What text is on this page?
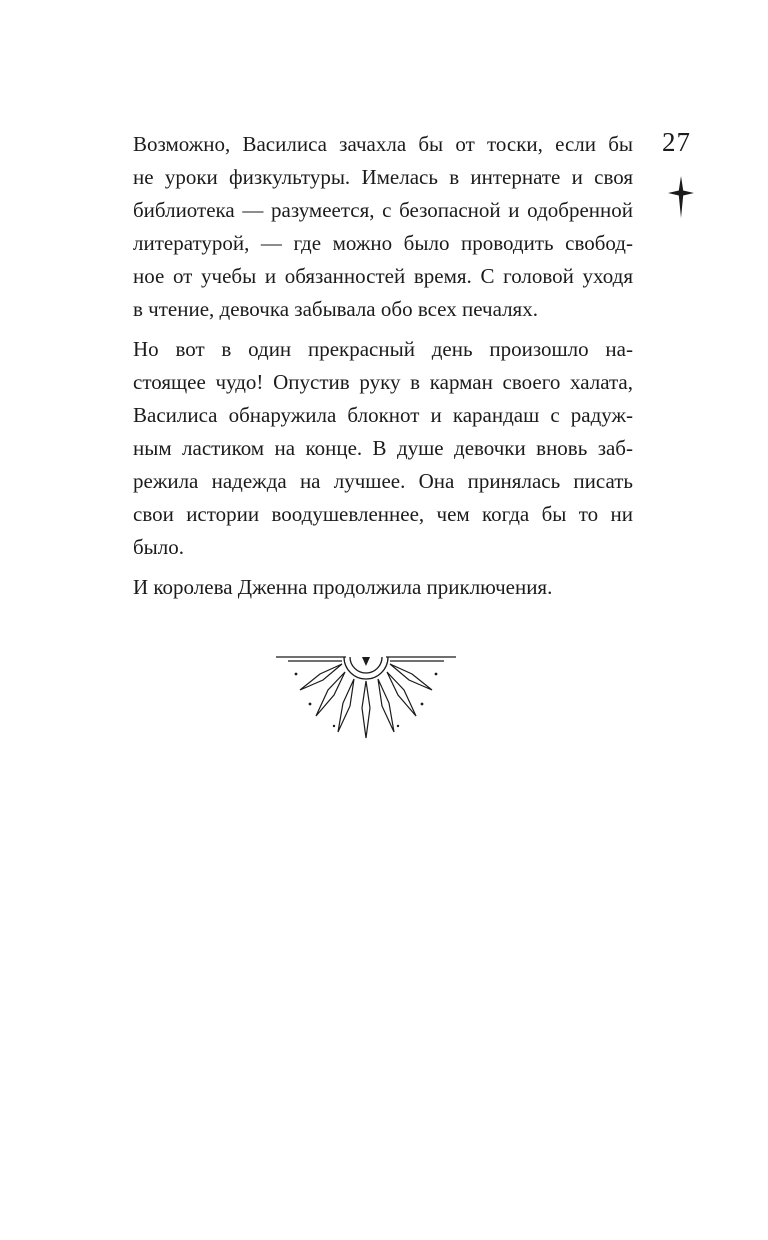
27
Возможно, Василиса зачахла бы от тоски, если бы
не уроки физкультуры. Имелась в интернате и своя
библиотека — разумеется, с безопасной и одобренной
литературой, — где можно было проводить свобод-
ное от учебы и обязанностей время. С головой уходя
в чтение, девочка забывала обо всех печалях.
Но вот в один прекрасный день произошло на-
стоящее чудо! Опустив руку в карман своего халата,
Василиса обнаружила блокнот и карандаш с радуж-
ным ластиком на конце. В душе девочки вновь заб-
режила надежда на лучшее. Она принялась писать
свои истории воодушевленнее, чем когда бы то ни
было.
И королева Дженна продолжила приключения.
